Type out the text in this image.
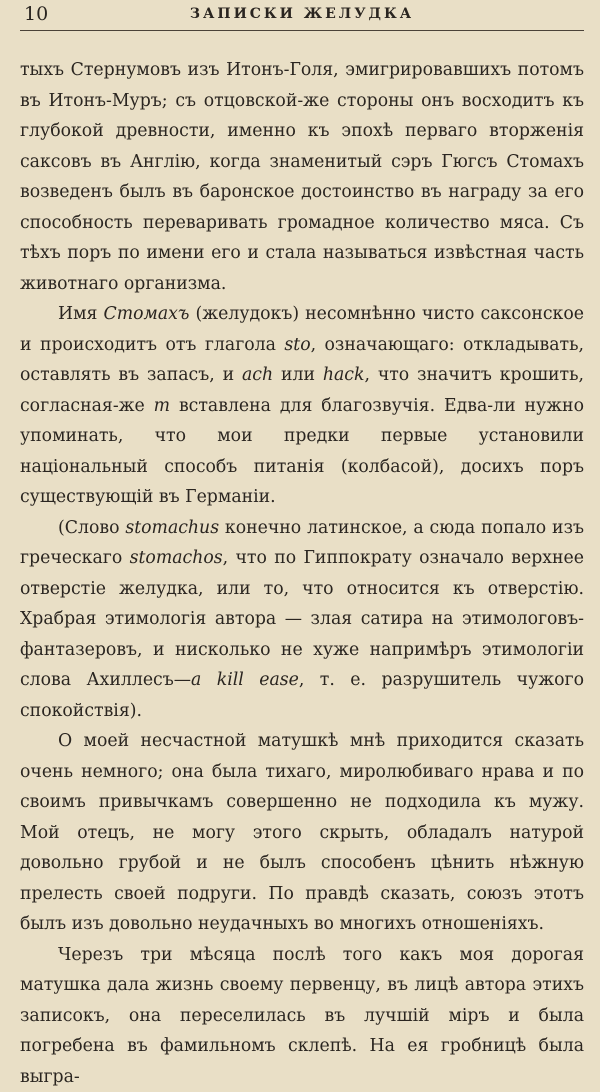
10	ЗАПИСКИ ЖЕЛУДКА

тыхъ Стернумовъ изъ Итонъ-Голя, эмигрировавшихъ потомъ въ Итонъ-Муръ; съ отцовской-же стороны онъ восходитъ къ глубокой древности, именно къ эпохѣ перваго вторженія саксовъ въ Англію, когда знаменитый сэръ Гюгсъ Стомахъ возведенъ былъ въ баронское достоинство въ награду за его способность переваривать громадное количество мяса. Съ тѣхъ поръ по имени его и стала называться извѣстная часть животнаго организма.

Имя Стомахъ (желудокъ) несомнѣнно чисто саксонское и происходитъ отъ глагола sto, означающаго: откладывать, оставлять въ запасъ, и ach или hack, что значитъ крошить, согласная-же m вставлена для благозвучія. Едва-ли нужно упоминать, что мои предки первые установили національный способъ питанія (колбасой), досихъ поръ существующій въ Германіи.

(Слово stomachus конечно латинское, а сюда попало изъ греческаго stomachos, что по Гиппократу означало верхнее отверстіе желудка, или то, что относится къ отверстію. Храбрая этимологія автора — злая сатира на этимологовъ-фантазеровъ, и нисколько не хуже напримѣръ этимологіи слова Ахиллесъ—a kill ease, т. е. разрушитель чужого спокойствія).

О моей несчастной матушкѣ мнѣ приходится сказать очень немного; она была тихаго, миролюбиваго нрава и по своимъ привычкамъ совершенно не подходила къ мужу. Мой отецъ, не могу этого скрыть, обладалъ натурой довольно грубой и не былъ способенъ цѣнить нѣжную прелесть своей подруги. По правдѣ сказать, союзъ этотъ былъ изъ довольно неудачныхъ во многихъ отношеніяхъ.

Черезъ три мѣсяца послѣ того какъ моя дорогая матушка дала жизнь своему первенцу, въ лицѣ автора этихъ записокъ, она переселилась въ лучшій міръ и была погребена въ фамильномъ склепѣ. На ея гробницѣ была выгра-
